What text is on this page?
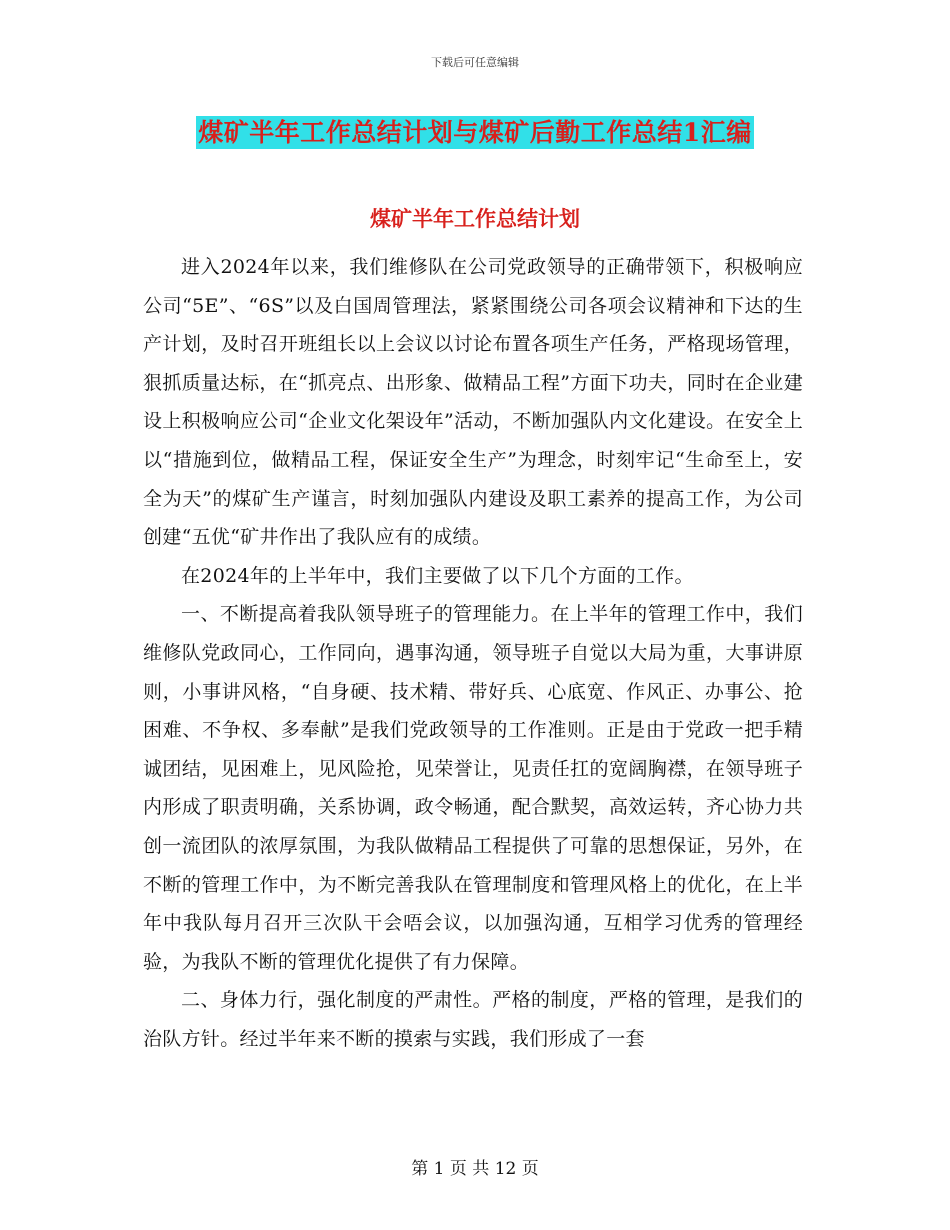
下载后可任意编辑
煤矿半年工作总结计划与煤矿后勤工作总结1汇编
煤矿半年工作总结计划

进入2024年以来，我们维修队在公司党政领导的正确带领下，积极响应公司“5E”、“6S”以及白国周管理法，紧紧围绕公司各项会议精神和下达的生产计划，及时召开班组长以上会议以讨论布置各项生产任务，严格现场管理，狠抓质量达标，在“抓亮点、出形象、做精品工程”方面下功夫，同时在企业建设上积极响应公司“企业文化架设年”活动，不断加强队内文化建设。在安全上以“措施到位，做精品工程，保证安全生产”为理念，时刻牢记“生命至上，安全为天”的煤矿生产谨言，时刻加强队内建设及职工素养的提高工作，为公司创建“五优“矿井作出了我队应有的成绩。

在2024年的上半年中，我们主要做了以下几个方面的工作。

一、不断提高着我队领导班子的管理能力。在上半年的管理工作中，我们维修队党政同心，工作同向，遇事沟通，领导班子自觉以大局为重，大事讲原则，小事讲风格，“自身硬、技术精、带好兵、心底宽、作风正、办事公、抢困难、不争权、多奉献”是我们党政领导的工作准则。正是由于党政一把手精诚团结，见困难上，见风险抢，见荣誉让，见责任扛的宽阔胸襟，在领导班子内形成了职责明确，关系协调，政令畅通，配合默契，高效运转，齐心协力共创一流团队的浓厚氛围，为我队做精品工程提供了可靠的思想保证，另外，在不断的管理工作中，为不断完善我队在管理制度和管理风格上的优化，在上半年中我队每月召开三次队干会唔会议，以加强沟通，互相学习优秀的管理经验，为我队不断的管理优化提供了有力保障。

二、身体力行，强化制度的严肃性。严格的制度，严格的管理，是我们的治队方针。经过半年来不断的摸索与实践，我们形成了一套

第 1 页 共 12 页
